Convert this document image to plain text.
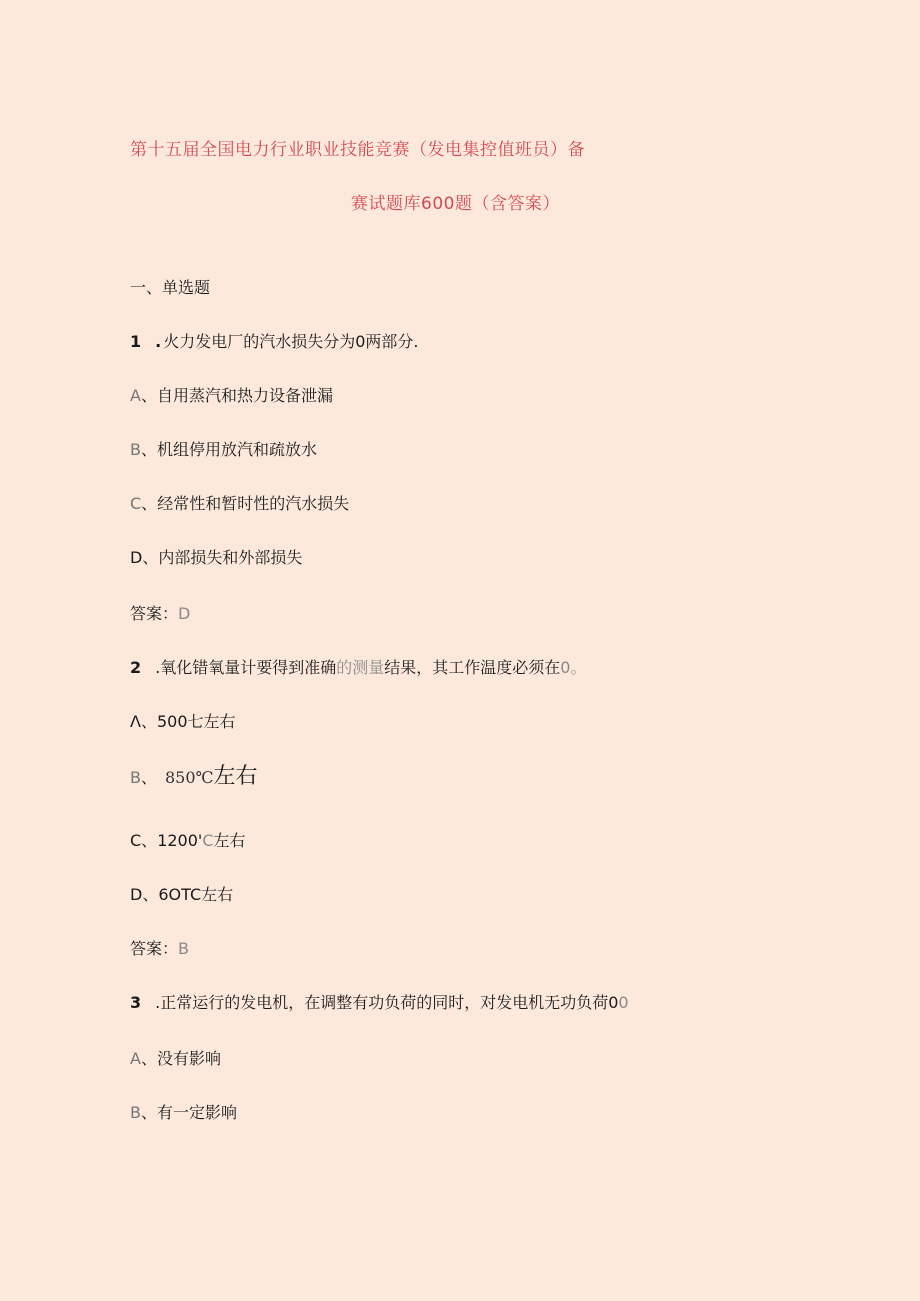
第十五届全国电力行业职业技能竞赛（发电集控值班员）备
赛试题库600题（含答案）
一、单选题
1 . 火力发电厂的汽水损失分为0两部分.
A、自用蒸汽和热力设备泄漏
B、机组停用放汽和疏放水
C、经常性和暂时性的汽水损失
D、内部损失和外部损失
答案：D
2 .氧化错氧量计要得到准确的测量结果，其工作温度必须在0。
Λ、500七左右
B、 850℃左右
C、1200'C左右
D、6OTC左右
答案：B
3 .正常运行的发电机，在调整有功负荷的同时，对发电机无功负荷00
A、没有影响
B、有一定影响
